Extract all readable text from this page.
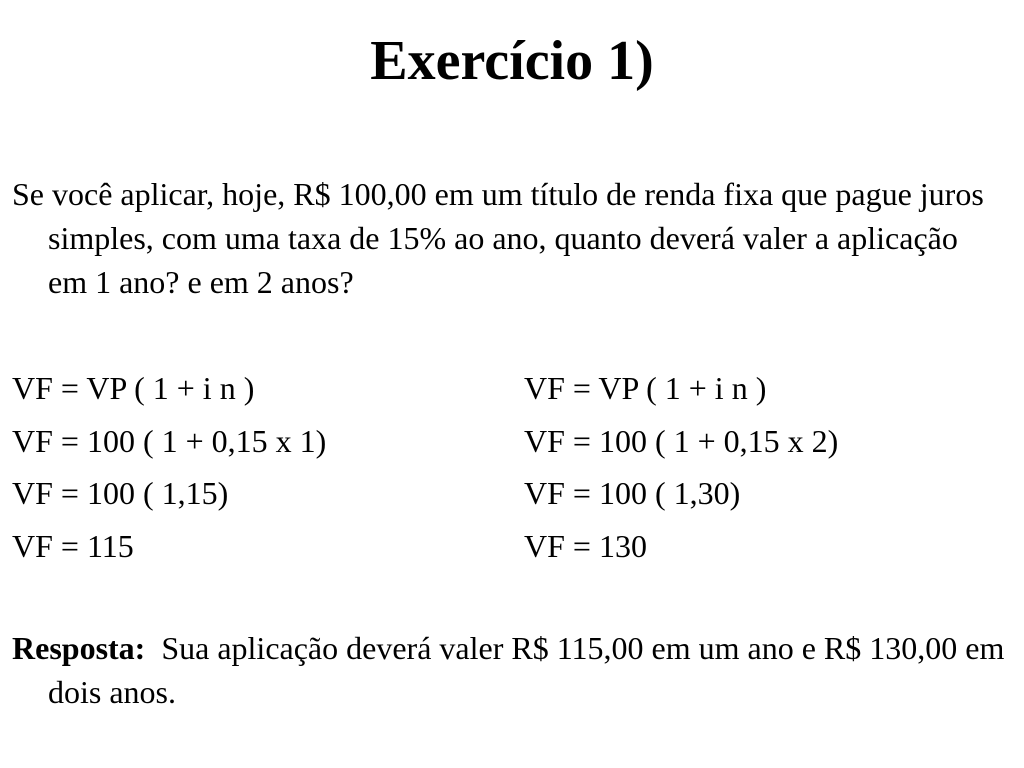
Exercício 1)

Se você aplicar, hoje, R$ 100,00 em um título de renda fixa que pague juros simples, com uma taxa de 15% ao ano, quanto deverá valer a aplicação em 1 ano? e em 2 anos?

VF = VP ( 1 + i n )
VF = 100 ( 1 + 0,15 x 1)
VF = 100 ( 1,15)
VF = 115
VF = VP ( 1 + i n )
VF = 100 ( 1 + 0,15 x 2)
VF = 100 ( 1,30)
VF = 130

Resposta: Sua aplicação deverá valer R$ 115,00 em um ano e R$ 130,00 em dois anos.
